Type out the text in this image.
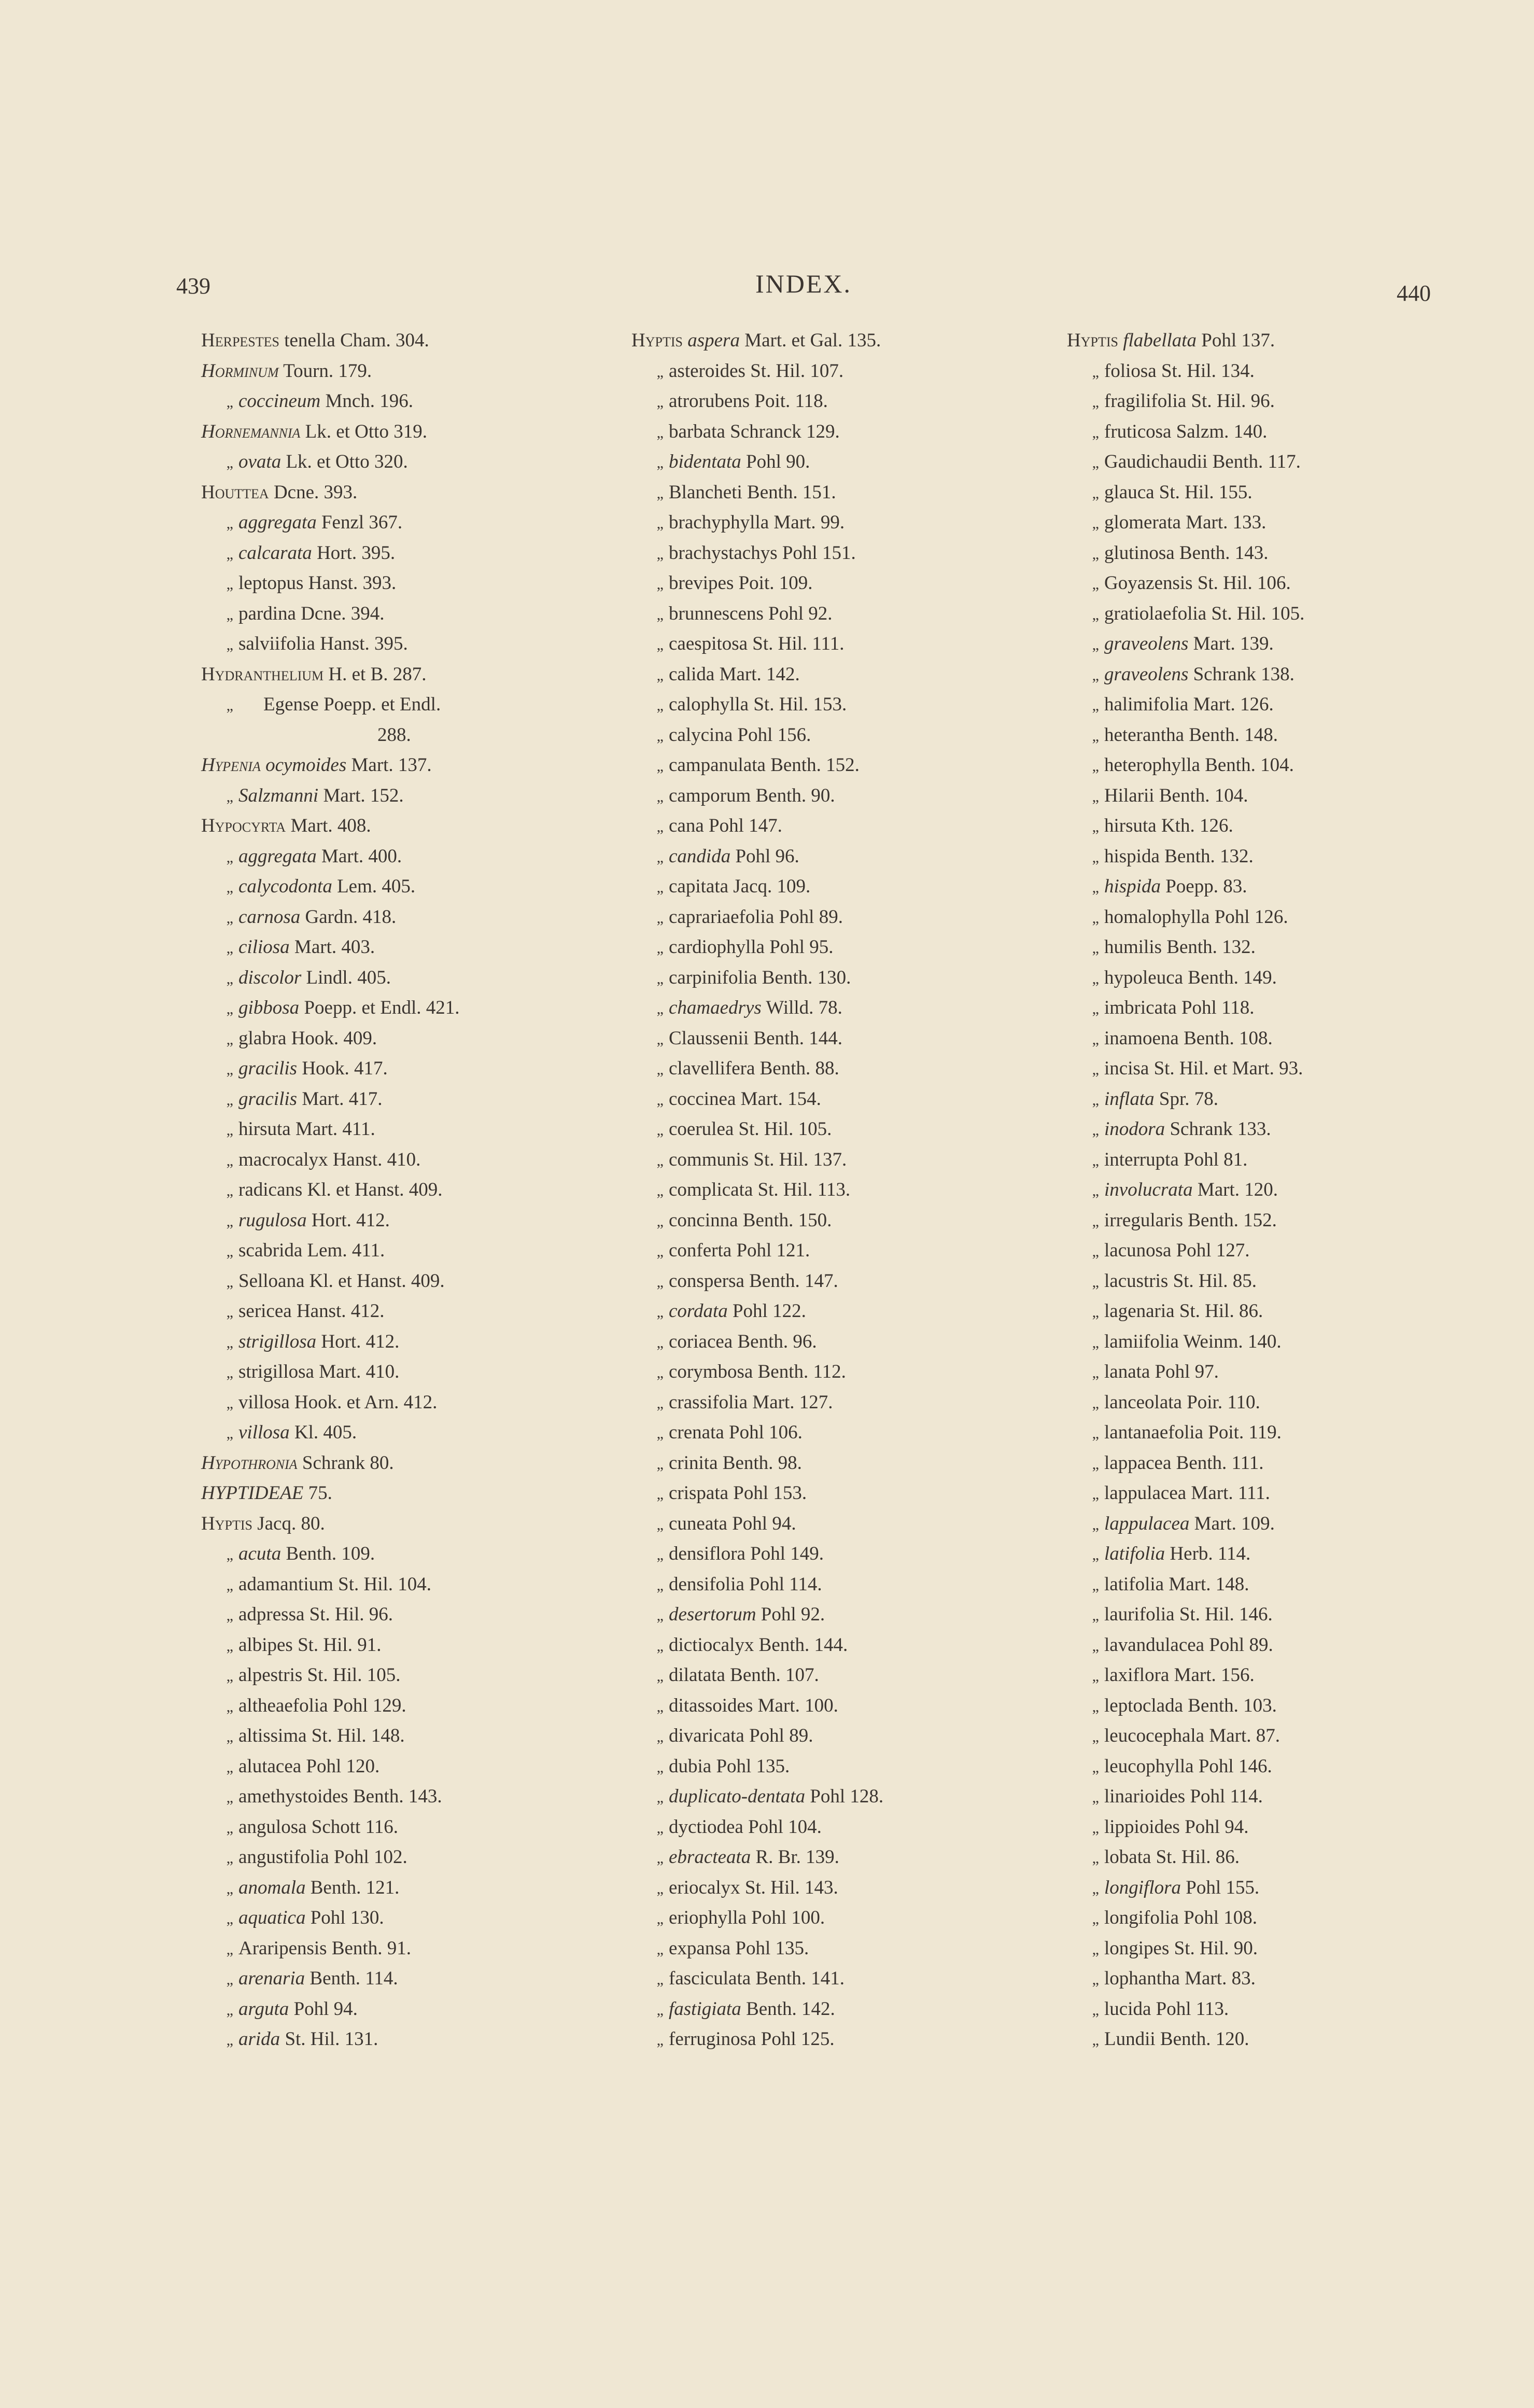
439	INDEX.	440
Herpestes tenella Cham. 304.
Horminum Tourn. 179.
„ coccineum Mnch. 196.
Hornemannia Lk. et Otto 319.
„ ovata Lk. et Otto 320.
Houttea Dcne. 393.
„ aggregata Fenzl 367.
„ calcarata Hort. 395.
„ leptopus Hanst. 393.
„ pardina Dcne. 394.
„ salviifolia Hanst. 395.
Hydranthelium H. et B. 287.
„ Egense Poepp. et Endl.
288.
Hypenia ocymoides Mart. 137.
„ Salzmanni Mart. 152.
Hypocyrta Mart. 408.
„ aggregata Mart. 400.
„ calycodonta Lem. 405.
„ carnosa Gardn. 418.
„ ciliosa Mart. 403.
„ discolor Lindl. 405.
„ gibbosa Poepp. et Endl. 421.
„ glabra Hook. 409.
„ gracilis Hook. 417.
„ gracilis Mart. 417.
„ hirsuta Mart. 411.
„ macrocalyx Hanst. 410.
„ radicans Kl. et Hanst. 409.
„ rugulosa Hort. 412.
„ scabrida Lem. 411.
„ Selloana Kl. et Hanst. 409.
„ sericea Hanst. 412.
„ strigillosa Hort. 412.
„ strigillosa Mart. 410.
„ villosa Hook. et Arn. 412.
„ villosa Kl. 405.
Hypothronia Schrank 80.
HYPTIDEAE 75.
Hyptis Jacq. 80.
„ acuta Benth. 109.
„ adamantium St. Hil. 104.
„ adpressa St. Hil. 96.
„ albipes St. Hil. 91.
„ alpestris St. Hil. 105.
„ altheaefolia Pohl 129.
„ altissima St. Hil. 148.
„ alutacea Pohl 120.
„ amethystoides Benth. 143.
„ angulosa Schott 116.
„ angustifolia Pohl 102.
„ anomala Benth. 121.
„ aquatica Pohl 130.
„ Araripensis Benth. 91.
„ arenaria Benth. 114.
„ arguta Pohl 94.
„ arida St. Hil. 131.
Hyptis aspera Mart. et Gal. 135.
„ asteroides St. Hil. 107.
„ atrorubens Poit. 118.
„ barbata Schranck 129.
„ bidentata Pohl 90.
„ Blancheti Benth. 151.
„ brachyphylla Mart. 99.
„ brachystachys Pohl 151.
„ brevipes Poit. 109.
„ brunnescens Pohl 92.
„ caespitosa St. Hil. 111.
„ calida Mart. 142.
„ calophylla St. Hil. 153.
„ calycina Pohl 156.
„ campanulata Benth. 152.
„ camporum Benth. 90.
„ cana Pohl 147.
„ candida Pohl 96.
„ capitata Jacq. 109.
„ caprariaefolia Pohl 89.
„ cardiophylla Pohl 95.
„ carpinifolia Benth. 130.
„ chamaedrys Willd. 78.
„ Claussenii Benth. 144.
„ clavellifera Benth. 88.
„ coccinea Mart. 154.
„ coerulea St. Hil. 105.
„ communis St. Hil. 137.
„ complicata St. Hil. 113.
„ concinna Benth. 150.
„ conferta Pohl 121.
„ conspersa Benth. 147.
„ cordata Pohl 122.
„ coriacea Benth. 96.
„ corymbosa Benth. 112.
„ crassifolia Mart. 127.
„ crenata Pohl 106.
„ crinita Benth. 98.
„ crispata Pohl 153.
„ cuneata Pohl 94.
„ densiflora Pohl 149.
„ densifolia Pohl 114.
„ desertorum Pohl 92.
„ dictiocalyx Benth. 144.
„ dilatata Benth. 107.
„ ditassoides Mart. 100.
„ divaricata Pohl 89.
„ dubia Pohl 135.
„ duplicato-dentata Pohl 128.
„ dyctiodea Pohl 104.
„ ebracteata R. Br. 139.
„ eriocalyx St. Hil. 143.
„ eriophylla Pohl 100.
„ expansa Pohl 135.
„ fasciculata Benth. 141.
„ fastigiata Benth. 142.
„ ferruginosa Pohl 125.
Hyptis flabellata Pohl 137.
„ foliosa St. Hil. 134.
„ fragilifolia St. Hil. 96.
„ fruticosa Salzm. 140.
„ Gaudichaudii Benth. 117.
„ glauca St. Hil. 155.
„ glomerata Mart. 133.
„ glutinosa Benth. 143.
„ Goyazensis St. Hil. 106.
„ gratiolaefolia St. Hil. 105.
„ graveolens Mart. 139.
„ graveolens Schrank 138.
„ halimifolia Mart. 126.
„ heterantha Benth. 148.
„ heterophylla Benth. 104.
„ Hilarii Benth. 104.
„ hirsuta Kth. 126.
„ hispida Benth. 132.
„ hispida Poepp. 83.
„ homalophylla Pohl 126.
„ humilis Benth. 132.
„ hypoleuca Benth. 149.
„ imbricata Pohl 118.
„ inamoena Benth. 108.
„ incisa St. Hil. et Mart. 93.
„ inflata Spr. 78.
„ inodora Schrank 133.
„ interrupta Pohl 81.
„ involucrata Mart. 120.
„ irregularis Benth. 152.
„ lacunosa Pohl 127.
„ lacustris St. Hil. 85.
„ lagenaria St. Hil. 86.
„ lamiifolia Weinm. 140.
„ lanata Pohl 97.
„ lanceolata Poir. 110.
„ lantanaefolia Poit. 119.
„ lappacea Benth. 111.
„ lappulacea Mart. 111.
„ lappulacea Mart. 109.
„ latifolia Herb. 114.
„ latifolia Mart. 148.
„ laurifolia St. Hil. 146.
„ lavandulacea Pohl 89.
„ laxiflora Mart. 156.
„ leptoclada Benth. 103.
„ leucocephala Mart. 87.
„ leucophylla Pohl 146.
„ linarioides Pohl 114.
„ lippioides Pohl 94.
„ lobata St. Hil. 86.
„ longiflora Pohl 155.
„ longifolia Pohl 108.
„ longipes St. Hil. 90.
„ lophantha Mart. 83.
„ lucida Pohl 113.
„ Lundii Benth. 120.
